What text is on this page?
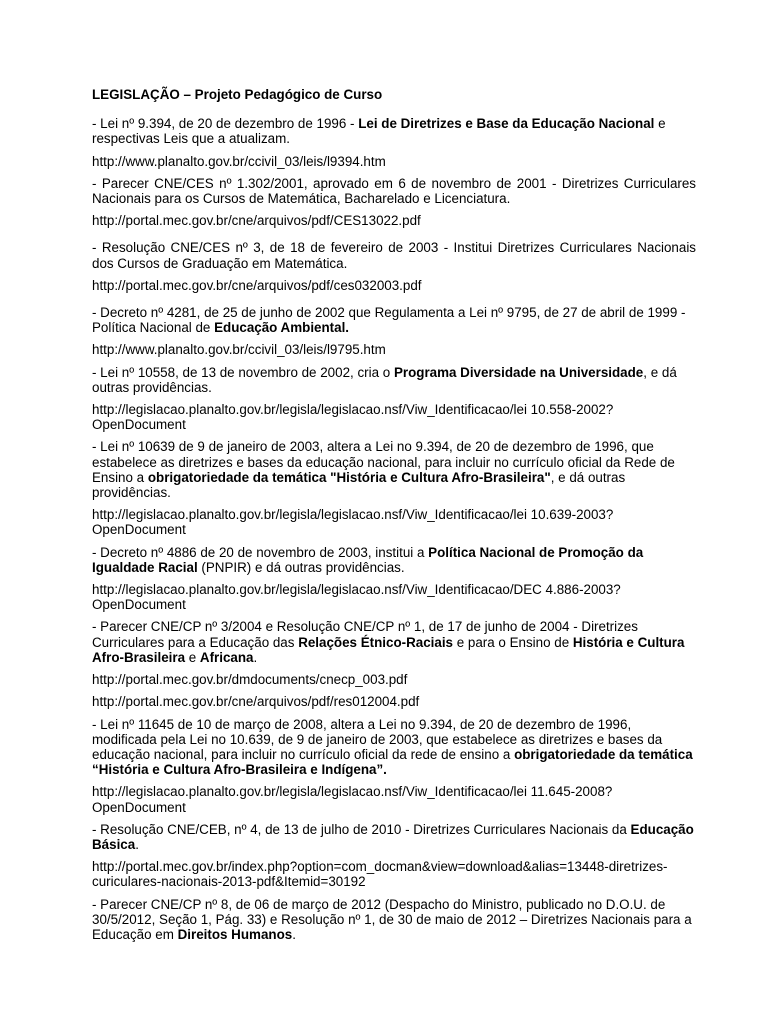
LEGISLAÇÃO – Projeto Pedagógico de Curso
- Lei nº 9.394, de 20 de dezembro de 1996 - Lei de Diretrizes e Base da Educação Nacional e respectivas Leis que a atualizam.
http://www.planalto.gov.br/ccivil_03/leis/l9394.htm
- Parecer CNE/CES nº 1.302/2001, aprovado em 6 de novembro de 2001 - Diretrizes Curriculares Nacionais para os Cursos de Matemática, Bacharelado e Licenciatura.
http://portal.mec.gov.br/cne/arquivos/pdf/CES13022.pdf
- Resolução CNE/CES nº 3, de 18 de fevereiro de 2003 - Institui Diretrizes Curriculares Nacionais dos Cursos de Graduação em Matemática.
http://portal.mec.gov.br/cne/arquivos/pdf/ces032003.pdf
- Decreto nº 4281, de 25 de junho de 2002 que Regulamenta a Lei nº 9795, de 27 de abril de 1999 - Política Nacional de Educação Ambiental.
http://www.planalto.gov.br/ccivil_03/leis/l9795.htm
- Lei nº 10558, de 13 de novembro de 2002, cria o Programa Diversidade na Universidade, e dá outras providências.
http://legislacao.planalto.gov.br/legisla/legislacao.nsf/Viw_Identificacao/lei 10.558-2002?OpenDocument
- Lei nº 10639 de 9 de janeiro de 2003, altera a Lei no 9.394, de 20 de dezembro de 1996, que estabelece as diretrizes e bases da educação nacional, para incluir no currículo oficial da Rede de Ensino a obrigatoriedade da temática "História e Cultura Afro-Brasileira", e dá outras providências.
http://legislacao.planalto.gov.br/legisla/legislacao.nsf/Viw_Identificacao/lei 10.639-2003?OpenDocument
- Decreto nº 4886 de 20 de novembro de 2003, institui a Política Nacional de Promoção da Igualdade Racial (PNPIR) e dá outras providências.
http://legislacao.planalto.gov.br/legisla/legislacao.nsf/Viw_Identificacao/DEC 4.886-2003?OpenDocument
- Parecer CNE/CP nº 3/2004 e Resolução CNE/CP nº 1, de 17 de junho de 2004 - Diretrizes Curriculares para a Educação das Relações Étnico-Raciais e para o Ensino de História e Cultura Afro-Brasileira e Africana.
http://portal.mec.gov.br/dmdocuments/cnecp_003.pdf
http://portal.mec.gov.br/cne/arquivos/pdf/res012004.pdf
- Lei nº 11645 de 10 de março de 2008, altera a Lei no 9.394, de 20 de dezembro de 1996, modificada pela Lei no 10.639, de 9 de janeiro de 2003, que estabelece as diretrizes e bases da educação nacional, para incluir no currículo oficial da rede de ensino a obrigatoriedade da temática “História e Cultura Afro-Brasileira e Indígena”.
http://legislacao.planalto.gov.br/legisla/legislacao.nsf/Viw_Identificacao/lei 11.645-2008?OpenDocument
- Resolução CNE/CEB, nº 4, de 13 de julho de 2010 - Diretrizes Curriculares Nacionais da Educação Básica.
http://portal.mec.gov.br/index.php?option=com_docman&view=download&alias=13448-diretrizes-curiculares-nacionais-2013-pdf&Itemid=30192
- Parecer CNE/CP nº 8, de 06 de março de 2012 (Despacho do Ministro, publicado no D.O.U. de 30/5/2012, Seção 1, Pág. 33) e Resolução nº 1, de 30 de maio de 2012 – Diretrizes Nacionais para a Educação em Direitos Humanos.
